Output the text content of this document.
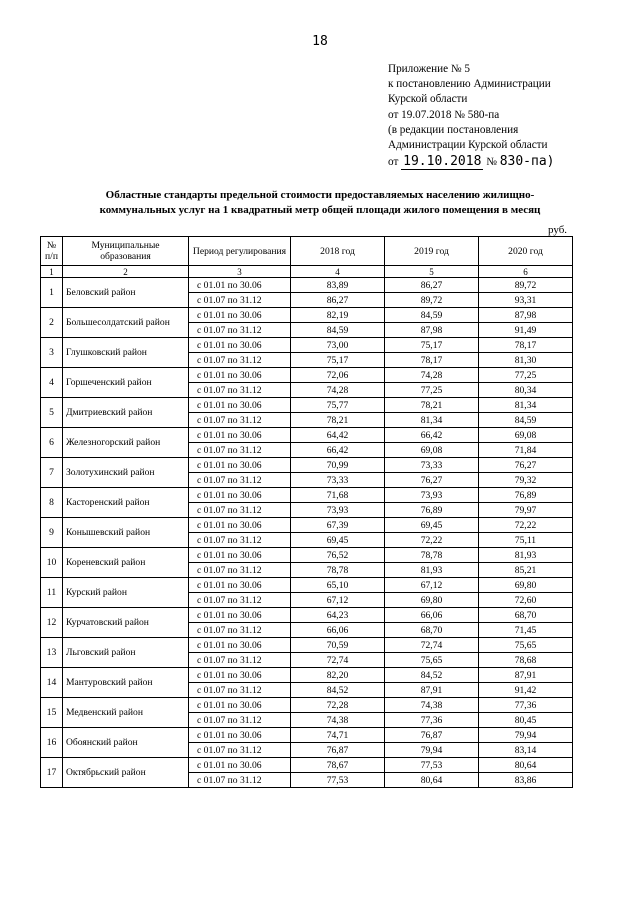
18
Приложение № 5
к постановлению Администрации
Курской области
от 19.07.2018 № 580-па
(в редакции постановления
Администрации Курской области
от 19.10.2018 № 830-па)
Областные стандарты предельной стоимости предоставляемых населению жилищно-
коммунальных услуг на 1 квадратный метр общей площади жилого помещения в месяц
руб.
№ п/п	Муниципальные образования	Период регулирования	2018 год	2019 год	2020 год
1	2	3	4	5	6
1	Беловский район	с 01.01 по 30.06	83,89	86,27	89,72
		с 01.07 по 31.12	86,27	89,72	93,31
2	Большесолдатский район	с 01.01 по 30.06	82,19	84,59	87,98
		с 01.07 по 31.12	84,59	87,98	91,49
3	Глушковский район	с 01.01 по 30.06	73,00	75,17	78,17
		с 01.07 по 31.12	75,17	78,17	81,30
4	Горшеченский район	с 01.01 по 30.06	72,06	74,28	77,25
		с 01.07 по 31.12	74,28	77,25	80,34
5	Дмитриевский район	с 01.01 по 30.06	75,77	78,21	81,34
		с 01.07 по 31.12	78,21	81,34	84,59
6	Железногорский район	с 01.01 по 30.06	64,42	66,42	69,08
		с 01.07 по 31.12	66,42	69,08	71,84
7	Золотухинский район	с 01.01 по 30.06	70,99	73,33	76,27
		с 01.07 по 31.12	73,33	76,27	79,32
8	Касторенский район	с 01.01 по 30.06	71,68	73,93	76,89
		с 01.07 по 31.12	73,93	76,89	79,97
9	Конышевский район	с 01.01 по 30.06	67,39	69,45	72,22
		с 01.07 по 31.12	69,45	72,22	75,11
10	Кореневский район	с 01.01 по 30.06	76,52	78,78	81,93
		с 01.07 по 31.12	78,78	81,93	85,21
11	Курский район	с 01.01 по 30.06	65,10	67,12	69,80
		с 01.07 по 31.12	67,12	69,80	72,60
12	Курчатовский район	с 01.01 по 30.06	64,23	66,06	68,70
		с 01.07 по 31.12	66,06	68,70	71,45
13	Льговский район	с 01.01 по 30.06	70,59	72,74	75,65
		с 01.07 по 31.12	72,74	75,65	78,68
14	Мантуровский район	с 01.01 по 30.06	82,20	84,52	87,91
		с 01.07 по 31.12	84,52	87,91	91,42
15	Медвенский район	с 01.01 по 30.06	72,28	74,38	77,36
		с 01.07 по 31.12	74,38	77,36	80,45
16	Обоянский район	с 01.01 по 30.06	74,71	76,87	79,94
		с 01.07 по 31.12	76,87	79,94	83,14
17	Октябрьский район	с 01.01 по 30.06	78,67	77,53	80,64
		с 01.07 по 31.12	77,53	80,64	83,86
